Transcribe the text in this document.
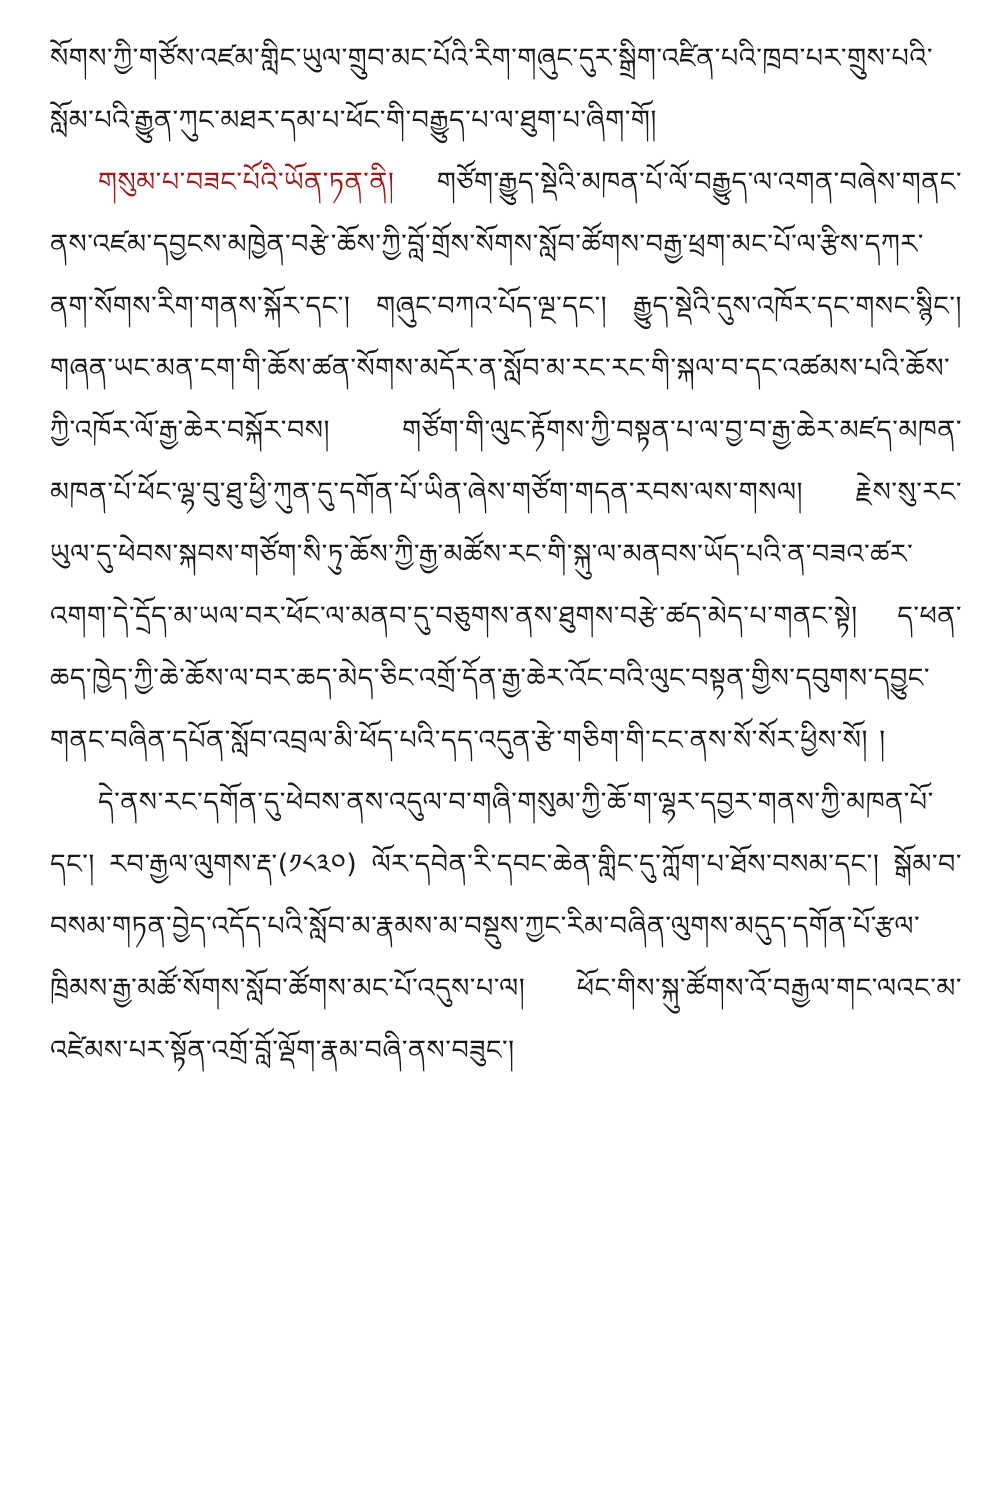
སོགས་ཀྱི་གཙོས་འཛམ་གླིང་ཡུལ་གྲུབ་མང་པོའི་རིག་གཞུང་དུར་སྒྲིག་འཛིན་པའི་ཁྲབ་པར་གྲུས་པའི་སློམ་པའི་རྒྱུན་ཀུང་མཐར་དམ་པ་ཕོང་གི་བརྒྱུད་པ་ལ་ཐུག་པ་ཞིག་གོ།

གསུམ་པ་བཟང་པོའི་ཡོན་ཏན་ནི། གཙོག་རྒྱུད་སྡེའི་མཁན་པོ་ལོ་བརྒྱུད་ལ་འགན་བཞེས་གནང་ནས་འཛམ་དབྱངས་མཁྱེན་བརྩེ་ཆོས་ཀྱི་བློ་གྲོས་སོགས་སློབ་ཚོགས་བརྒྱ་ཕྲག་མང་པོ་ལ་རྩིས་དཀར་ནག་སོགས་རིག་གནས་སྐོར་དང་། གཞུང་བཀའ་པོད་ལྔ་དང་། རྒྱུད་སྡེའི་དུས་འཁོར་དང་གསང་སྙིང་། གཞན་ཡང་མན་ངག་གི་ཆོས་ཚན་སོགས་མདོར་ན་སློབ་མ་རང་རང་གི་སྐལ་བ་དང་འཚམས་པའི་ཆོས་ཀྱི་འཁོར་ལོ་རྒྱ་ཆེར་བསྐོར་བས། གཙོག་གི་ལུང་རྟོགས་ཀྱི་བསྟན་པ་ལ་བྱ་བ་རྒྱ་ཆེར་མཛད་མཁན་མཁན་པོ་ཕོང་ལྷ་བུ་ཐུ་ཕྱི་ཀུན་དུ་དགོན་པོ་ཡིན་ཞེས་གཙོག་གདན་རབས་ལས་གསལ། རྗེས་སུ་རང་ཡུལ་དུ་ཕེབས་སྐབས་གཙོག་སི་ཏུ་ཆོས་ཀྱི་རྒྱ་མཚོས་རང་གི་སྐུ་ལ་མནབས་ཡོད་པའི་ན་བཟའ་ཚར་འགག་དེ་དྲོད་མ་ཡལ་བར་ཕོང་ལ་མནབ་དུ་བཅུགས་ནས་ཐུགས་བརྩེ་ཚད་མེད་པ་གནང་སྟེ། ད་ཕན་ཆད་ཁྱེད་ཀྱི་ཆེ་ཆོས་ལ་བར་ཆད་མེད་ཅིང་འགྲོ་དོན་རྒྱ་ཆེར་འོང་བའི་ལུང་བསྟན་གྱིས་དབུགས་དབྱུང་གནང་བཞིན་དཔོན་སློབ་འབྲལ་མི་ཕོད་པའི་དད་འདུན་རྩེ་གཅིག་གི་ངང་ནས་སོ་སོར་ཕྱིས་སོ། །

དེ་ནས་རང་དགོན་དུ་ཕེབས་ནས་འདུལ་བ་གཞི་གསུམ་ཀྱི་ཆོ་ག་ལྷར་དབྱར་གནས་ཀྱི་མཁན་པོ་དང་། རབ་རྒྱལ་ལུགས་རྡ་(༡༨༣༠) ལོར་དབེན་རི་དབང་ཆེན་གླིང་དུ་ཀློག་པ་ཐོས་བསམ་དང་། སྒོམ་བ་བསམ་གཏན་བྱེད་འདོད་པའི་སློབ་མ་རྣམས་མ་བསྡུས་ཀྱང་རིམ་བཞིན་ལུགས་མདུད་དགོན་པོ་རྩལ་ཁྲིམས་རྒྱ་མཚོ་སོགས་སློབ་ཚོགས་མང་པོ་འདུས་པ་ལ། ཕོང་གིས་སྐུ་ཚོགས་འོ་བརྒྱལ་གང་ལའང་མ་འཛེམས་པར་སྟོན་འགྲོ་བློ་ལྡོག་རྣམ་བཞི་ནས་བཟུང་།
